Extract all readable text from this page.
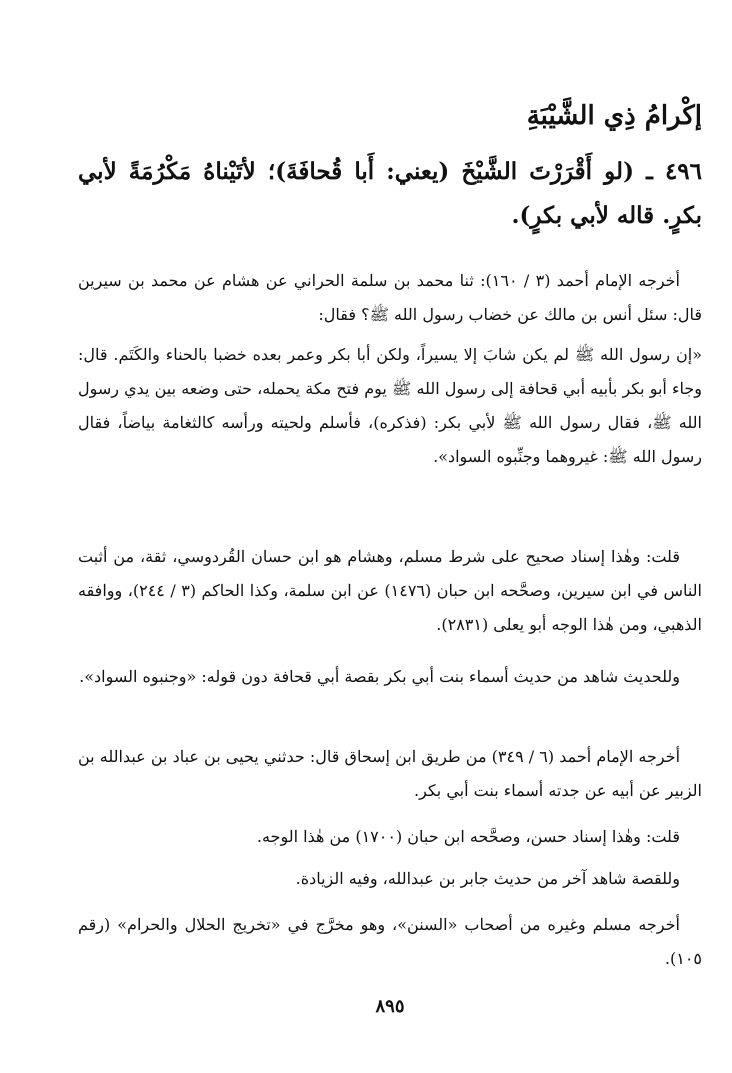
إكْرامُ ذِي الشَّيْبَةِ
٤٩٦ ـ (لو أَقْرَرْتَ الشَّيْخَ (يعني: أَبا قُحافَةَ)؛ لأتَيْناهُ مَكْرُمَةً لأبي بكرٍ. قاله لأبي بكرٍ).
أخرجه الإمام أحمد (٣ / ١٦٠): ثنا محمد بن سلمة الحراني عن هشام عن محمد بن سيرين قال: سئل أنس بن مالك عن خضاب رسول الله ﷺ؟ فقال:
«إن رسول الله ﷺ لم يكن شابَ إلا يسيراً، ولكن أبا بكر وعمر بعده خضبا بالحناء والكَتَم. قال: وجاء أبو بكر بأبيه أبي قحافة إلى رسول الله ﷺ يوم فتح مكة يحمله، حتى وضعه بين يدي رسول الله ﷺ، فقال رسول الله ﷺ لأبي بكر: (فذكره)، فأسلم ولحيته ورأسه كالثغامة بياضاً، فقال رسول الله ﷺ: غيروهما وجنِّبوه السواد».
قلت: وهٰذا إسناد صحيح على شرط مسلم، وهشام هو ابن حسان القُردوسي، ثقة، من أثبت الناس في ابن سيرين، وصحَّحه ابن حبان (١٤٧٦) عن ابن سلمة، وكذا الحاكم (٣ / ٢٤٤)، ووافقه الذهبي، ومن هٰذا الوجه أبو يعلى (٢٨٣١).
وللحديث شاهد من حديث أسماء بنت أبي بكر بقصة أبي قحافة دون قوله: «وجنبوه السواد».
أخرجه الإمام أحمد (٦ / ٣٤٩) من طريق ابن إسحاق قال: حدثني يحيى بن عباد بن عبدالله بن الزبير عن أبيه عن جدته أسماء بنت أبي بكر.
قلت: وهٰذا إسناد حسن، وصحَّحه ابن حبان (١٧٠٠) من هٰذا الوجه.
وللقصة شاهد آخر من حديث جابر بن عبدالله، وفيه الزيادة.
أخرجه مسلم وغيره من أصحاب «السنن»، وهو مخرَّج في «تخريج الحلال والحرام» (رقم ١٠٥).
٨٩٥
